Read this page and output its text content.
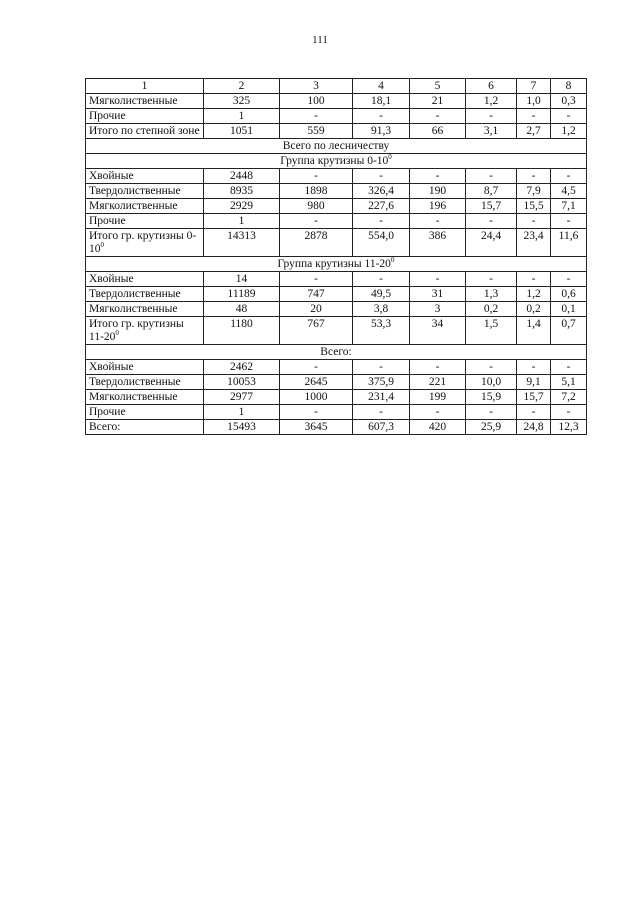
111
1	2	3	4	5	6	7	8
Мягколиственные	325	100	18,1	21	1,2	1,0	0,3
Прочие	1	-	-	-	-	-	-
Итого по степной зоне	1051	559	91,3	66	3,1	2,7	1,2
Всего по лесничеству							
Группа крутизны $0-10^0$
Хвойные	2448	-	-	-	-	-	-
Твердолиственные	8935	1898	326,4	190	8,7	7,9	4,5
Мягколиственные	2929	980	227,6	196	15,7	15,5	7,1
Прочие	1	-	-	-	-	-	-
Итого гр. крутизны $0-10^0$	14313	2878	554,0	386	24,4	23,4	11,6
Группа крутизны $11-20^0$
Хвойные	14	-	-	-	-	-	-
Твердолиственные	11189	747	49,5	31	1,3	1,2	0,6
Мягколиственные	48	20	3,8	3	0,2	0,2	0,1
Итого гр. крутизны $11-20^0$	1180	767	53,3	34	1,5	1,4	0,7
Всего:							
Хвойные	2462	-	-	-	-	-	-
Твердолиственные	10053	2645	375,9	221	10,0	9,1	5,1
Мягколиственные	2977	1000	231,4	199	15,9	15,7	7,2
Прочие	1	-	-	-	-	-	-
Всего:	15493	3645	607,3	420	25,9	24,8	12,3
